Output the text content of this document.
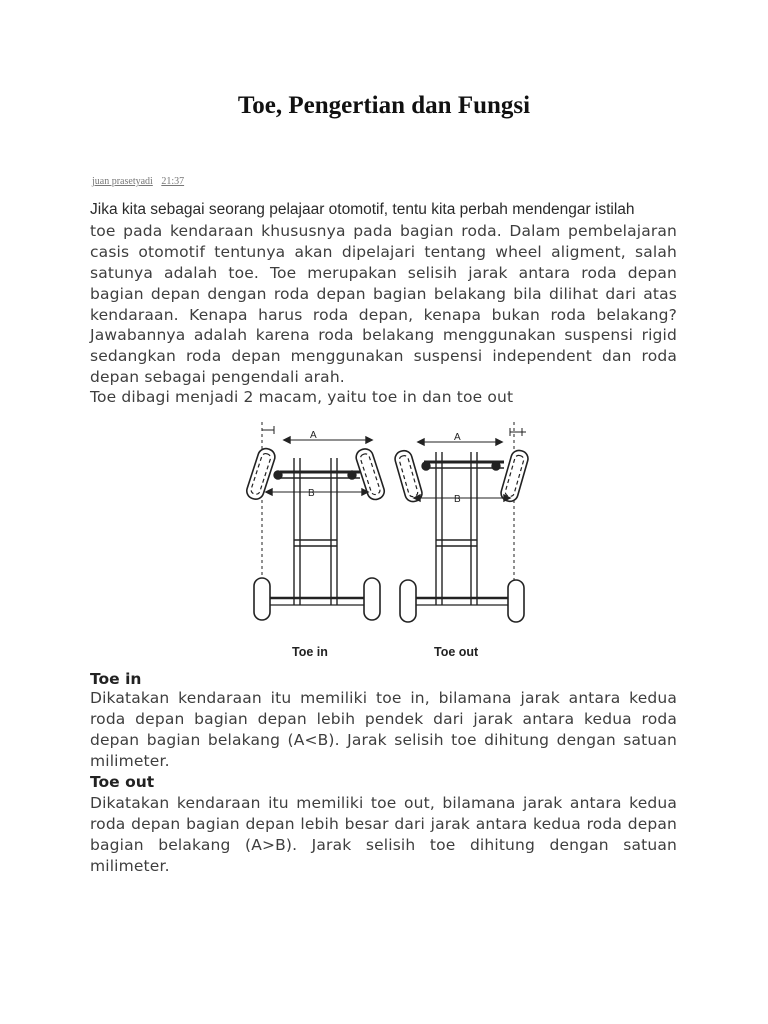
Toe, Pengertian dan Fungsi
juan prasetyadi 21:37
Jika kita sebagai seorang pelajaar otomotif, tentu kita perbah mendengar istilah
toe pada kendaraan khususnya pada bagian roda. Dalam pembelajaran casis otomotif tentunya akan dipelajari tentang wheel aligment, salah satunya adalah toe. Toe merupakan selisih jarak antara roda depan bagian depan dengan roda depan bagian belakang bila dilihat dari atas kendaraan. Kenapa harus roda depan, kenapa bukan roda belakang? Jawabannya adalah karena roda belakang menggunakan suspensi rigid sedangkan roda depan menggunakan suspensi independent dan roda depan sebagai pengendali arah.
Toe dibagi menjadi 2 macam, yaitu toe in dan toe out
A
B
A
B
Toe in	Toe out
Toe in
Dikatakan kendaraan itu memiliki toe in, bilamana jarak antara kedua roda depan bagian depan lebih pendek dari jarak antara kedua roda depan bagian belakang (A<B). Jarak selisih toe dihitung dengan satuan milimeter.
Toe out
Dikatakan kendaraan itu memiliki toe out, bilamana jarak antara kedua roda depan bagian depan lebih besar dari jarak antara kedua roda depan bagian belakang (A>B). Jarak selisih toe dihitung dengan satuan milimeter.
